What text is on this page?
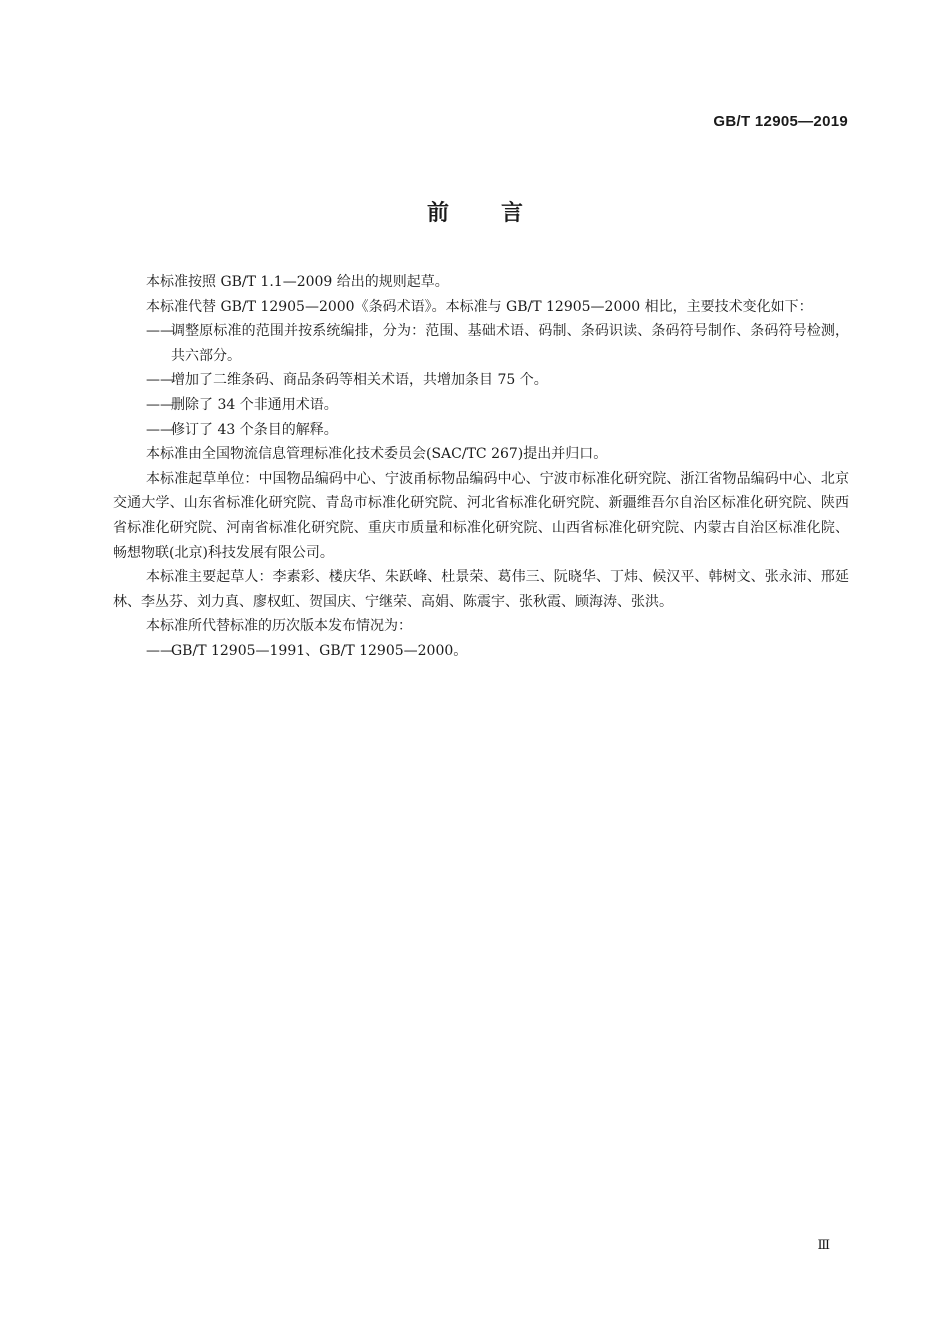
GB/T 12905—2019
前 言
本标准按照 GB/T 1.1—2009 给出的规则起草。
本标准代替 GB/T 12905—2000《条码术语》。本标准与 GB/T 12905—2000 相比，主要技术变化如下：
——
调整原标准的范围并按系统编排，分为：范围、基础术语、码制、条码识读、条码符号制作、条码符号检测，共六部分。
——
增加了二维条码、商品条码等相关术语，共增加条目 75 个。
——
删除了 34 个非通用术语。
——
修订了 43 个条目的解释。
本标准由全国物流信息管理标准化技术委员会(SAC/TC 267)提出并归口。
本标准起草单位：中国物品编码中心、宁波甬标物品编码中心、宁波市标准化研究院、浙江省物品编码中心、北京交通大学、山东省标准化研究院、青岛市标准化研究院、河北省标准化研究院、新疆维吾尔自治区标准化研究院、陕西省标准化研究院、河南省标准化研究院、重庆市质量和标准化研究院、山西省标准化研究院、内蒙古自治区标准化院、畅想物联(北京)科技发展有限公司。
本标准主要起草人：李素彩、楼庆华、朱跃峰、杜景荣、葛伟三、阮晓华、丁炜、候汉平、韩树文、张永沛、邢延林、李丛芬、刘力真、廖权虹、贺国庆、宁继荣、高娟、陈震宇、张秋霞、顾海涛、张洪。
本标准所代替标准的历次版本发布情况为：
——
GB/T 12905—1991、GB/T 12905—2000。
Ⅲ
